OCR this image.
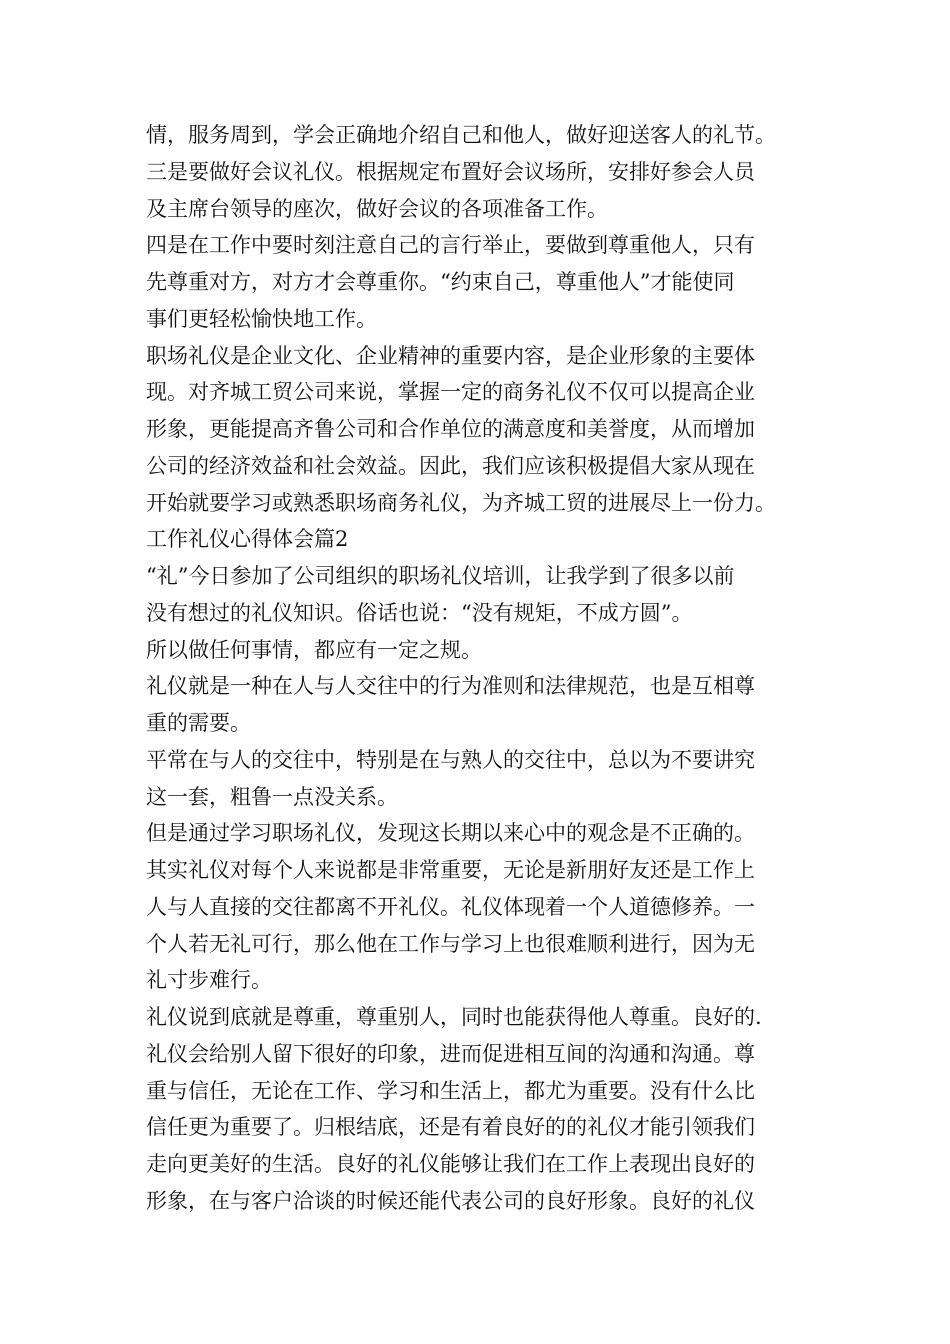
情，服务周到，学会正确地介绍自己和他人，做好迎送客人的礼节。
三是要做好会议礼仪。根据规定布置好会议场所，安排好参会人员
及主席台领导的座次，做好会议的各项准备工作。
四是在工作中要时刻注意自己的言行举止，要做到尊重他人，只有
先尊重对方，对方才会尊重你。“约束自己，尊重他人”才能使同
事们更轻松愉快地工作。
职场礼仪是企业文化、企业精神的重要内容，是企业形象的主要体
现。对齐城工贸公司来说，掌握一定的商务礼仪不仅可以提高企业
形象，更能提高齐鲁公司和合作单位的满意度和美誉度，从而增加
公司的经济效益和社会效益。因此，我们应该积极提倡大家从现在
开始就要学习或熟悉职场商务礼仪，为齐城工贸的进展尽上一份力。
工作礼仪心得体会篇2
“礼”今日参加了公司组织的职场礼仪培训，让我学到了很多以前
没有想过的礼仪知识。俗话也说：“没有规矩，不成方圆”。
所以做任何事情，都应有一定之规。
礼仪就是一种在人与人交往中的行为准则和法律规范，也是互相尊
重的需要。
平常在与人的交往中，特别是在与熟人的交往中，总以为不要讲究
这一套，粗鲁一点没关系。
但是通过学习职场礼仪，发现这长期以来心中的观念是不正确的。
其实礼仪对每个人来说都是非常重要，无论是新朋好友还是工作上
人与人直接的交往都离不开礼仪。礼仪体现着一个人道德修养。一
个人若无礼可行，那么他在工作与学习上也很难顺利进行，因为无
礼寸步难行。
礼仪说到底就是尊重，尊重别人，同时也能获得他人尊重。良好的.
礼仪会给别人留下很好的印象，进而促进相互间的沟通和沟通。尊
重与信任，无论在工作、学习和生活上，都尤为重要。没有什么比
信任更为重要了。归根结底，还是有着良好的的礼仪才能引领我们
走向更美好的生活。良好的礼仪能够让我们在工作上表现出良好的
形象，在与客户洽谈的时候还能代表公司的良好形象。良好的礼仪
